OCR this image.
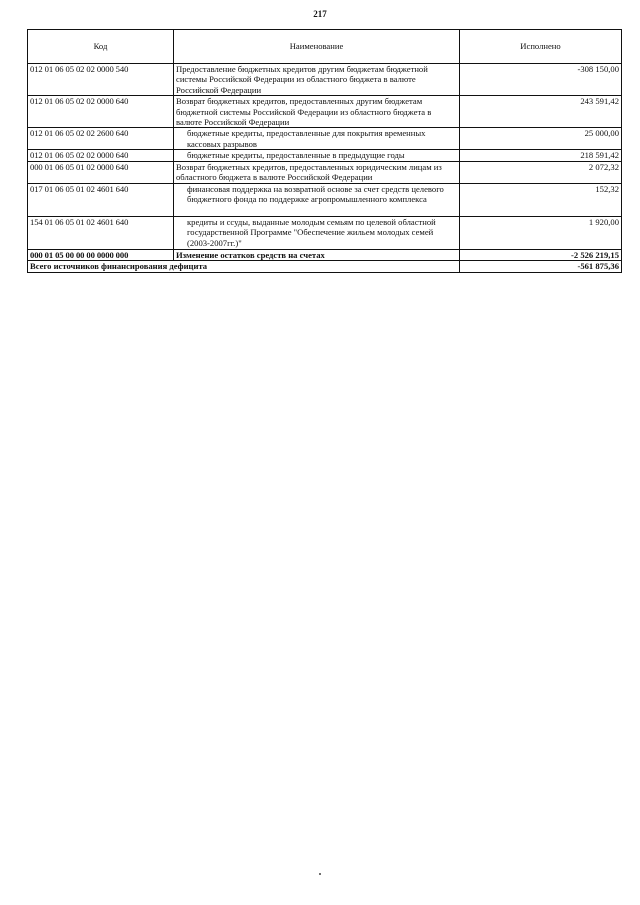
217
Код	Наименование	Исполнено
012 01 06 05 02 02 0000 540	Предоставление бюджетных кредитов другим бюджетам бюджетной системы Российской Федерации из областного бюджета в валюте Российской Федерации	-308 150,00
012 01 06 05 02 02 0000 640	Возврат бюджетных кредитов, предоставленных другим бюджетам бюджетной системы Российской Федерации из областного бюджета в валюте Российской Федерации	243 591,42
012 01 06 05 02 02 2600 640	бюджетные кредиты, предоставленные для покрытия временных кассовых разрывов	25 000,00
012 01 06 05 02 02 0000 640	бюджетные кредиты, предоставленные в предыдущие годы	218 591,42
000 01 06 05 01 02 0000 640	Возврат бюджетных кредитов, предоставленных юридическим лицам из областного бюджета в валюте Российской Федерации	2 072,32
017 01 06 05 01 02 4601 640	финансовая поддержка на возвратной основе за счет средств целевого бюджетного фонда по поддержке агропромышленного комплекса	152,32
154 01 06 05 01 02 4601 640	кредиты и ссуды, выданные молодым семьям по целевой областной государственной Программе "Обеспечение жильем молодых семей (2003-2007гг.)"	1 920,00
000 01 05 00 00 00 0000 000	Изменение остатков средств на счетах	-2 526 219,15
Всего источников финансирования дефицита		-561 875,36
